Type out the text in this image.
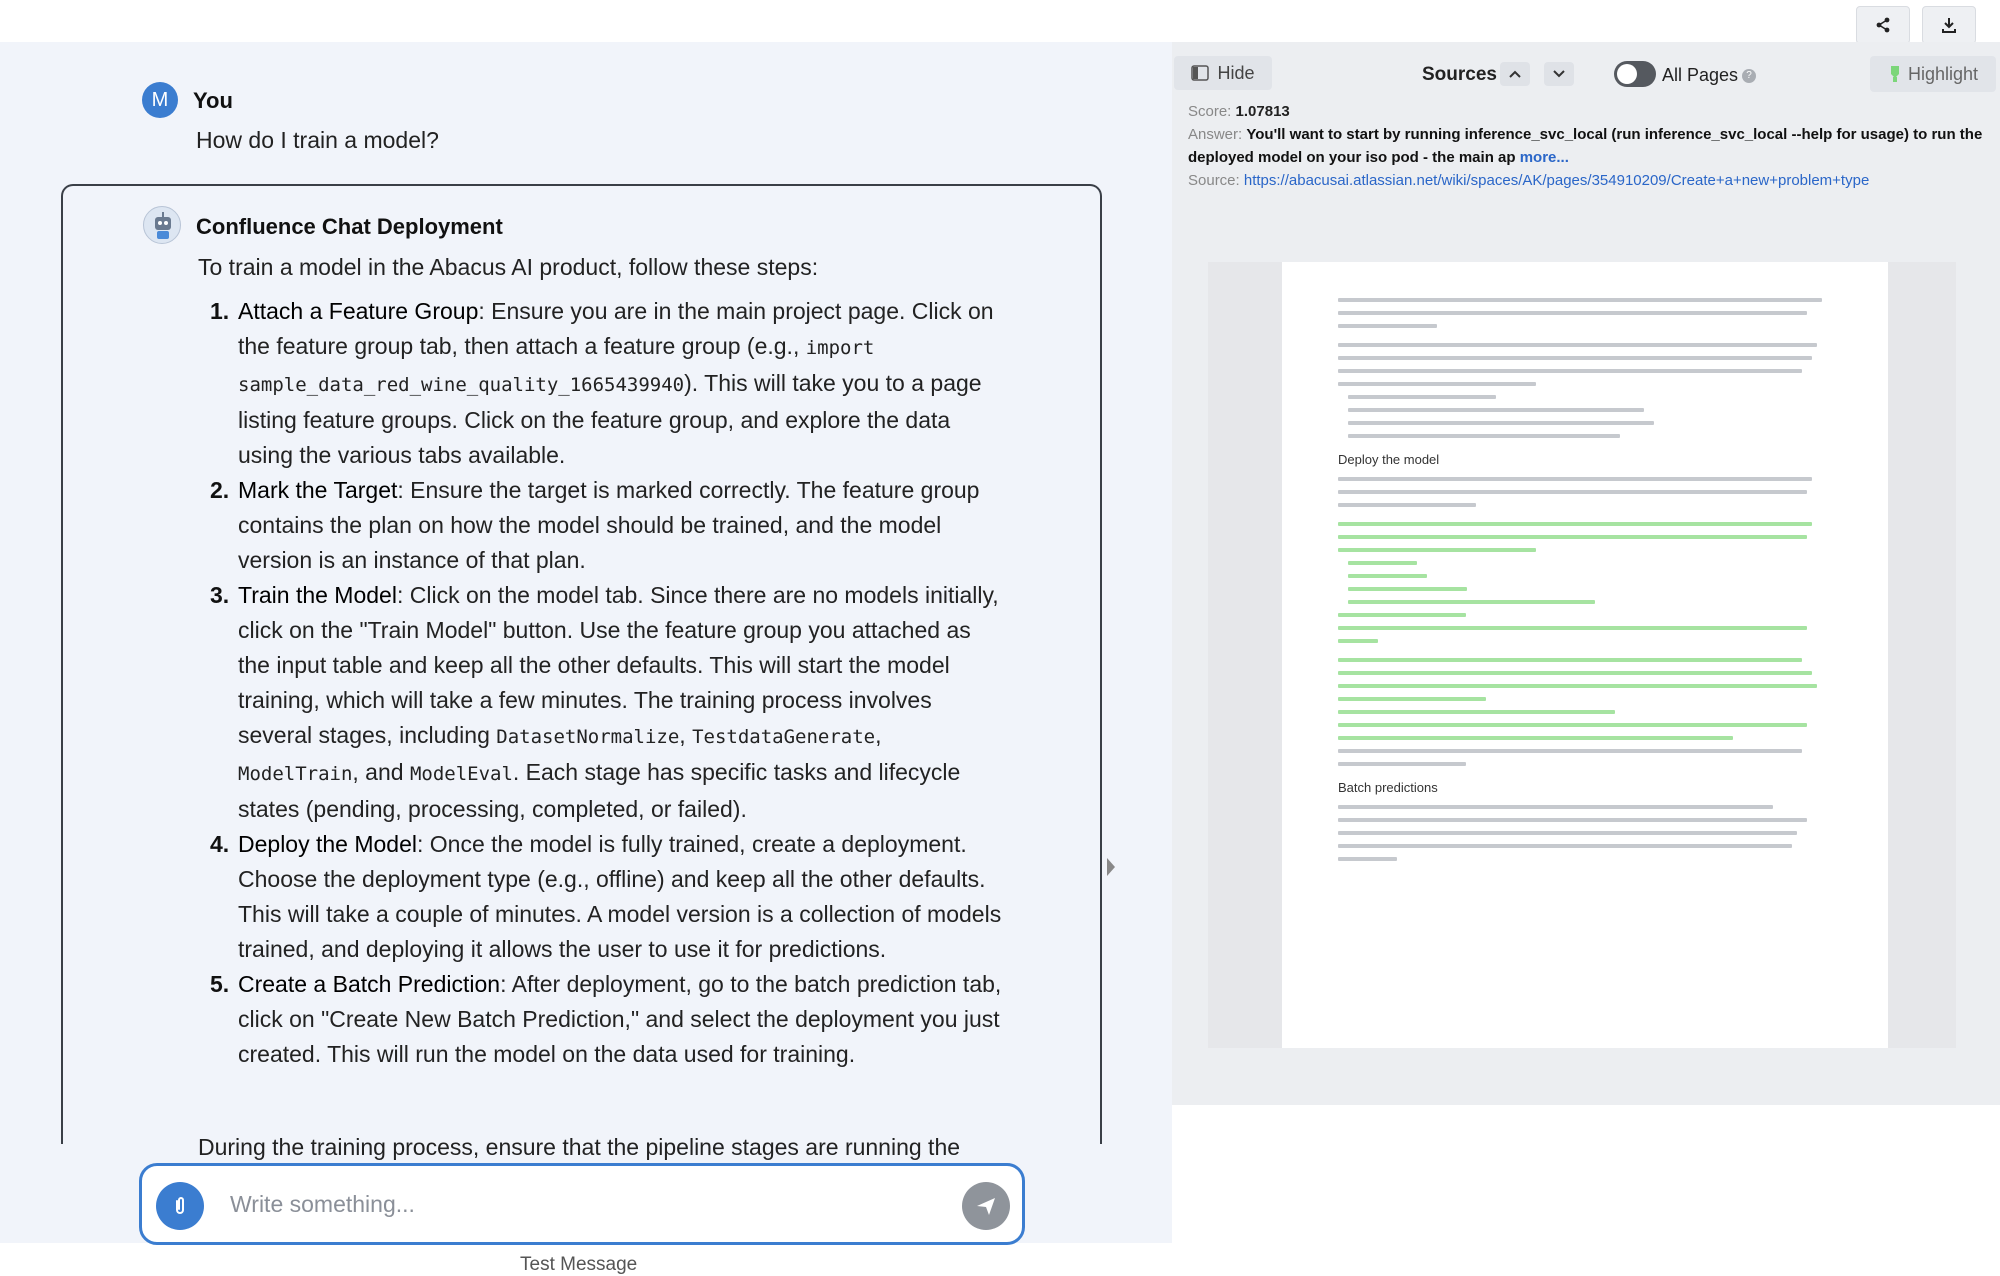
M	You
How do I train a model?
Confluence Chat Deployment
To train a model in the Abacus AI product, follow these steps:
1. Attach a Feature Group: Ensure you are in the main project page. Click on the feature group tab, then attach a feature group (e.g., import sample_data_red_wine_quality_1665439940). This will take you to a page listing feature groups. Click on the feature group, and explore the data using the various tabs available.
2. Mark the Target: Ensure the target is marked correctly. The feature group contains the plan on how the model should be trained, and the model version is an instance of that plan.
3. Train the Model: Click on the model tab. Since there are no models initially, click on the "Train Model" button. Use the feature group you attached as the input table and keep all the other defaults. This will start the model training, which will take a few minutes. The training process involves several stages, including DatasetNormalize, TestdataGenerate, ModelTrain, and ModelEval. Each stage has specific tasks and lifecycle states (pending, processing, completed, or failed).
4. Deploy the Model: Once the model is fully trained, create a deployment. Choose the deployment type (e.g., offline) and keep all the other defaults. This will take a couple of minutes. A model version is a collection of models trained, and deploying it allows the user to use it for predictions.
5. Create a Batch Prediction: After deployment, go to the batch prediction tab, click on "Create New Batch Prediction," and select the deployment you just created. This will run the model on the data used for training.
During the training process, ensure that the pipeline stages are running the
Write something...
Test Message
Hide	Sources	All Pages ?	Highlight
Score: 1.07813
Answer: You'll want to start by running inference_svc_local (run inference_svc_local --help for usage) to run the deployed model on your iso pod - the main ap more...
Source: https://abacusai.atlassian.net/wiki/spaces/AK/pages/354910209/Create+a+new+problem+type
Deploy the model
Batch predictions
